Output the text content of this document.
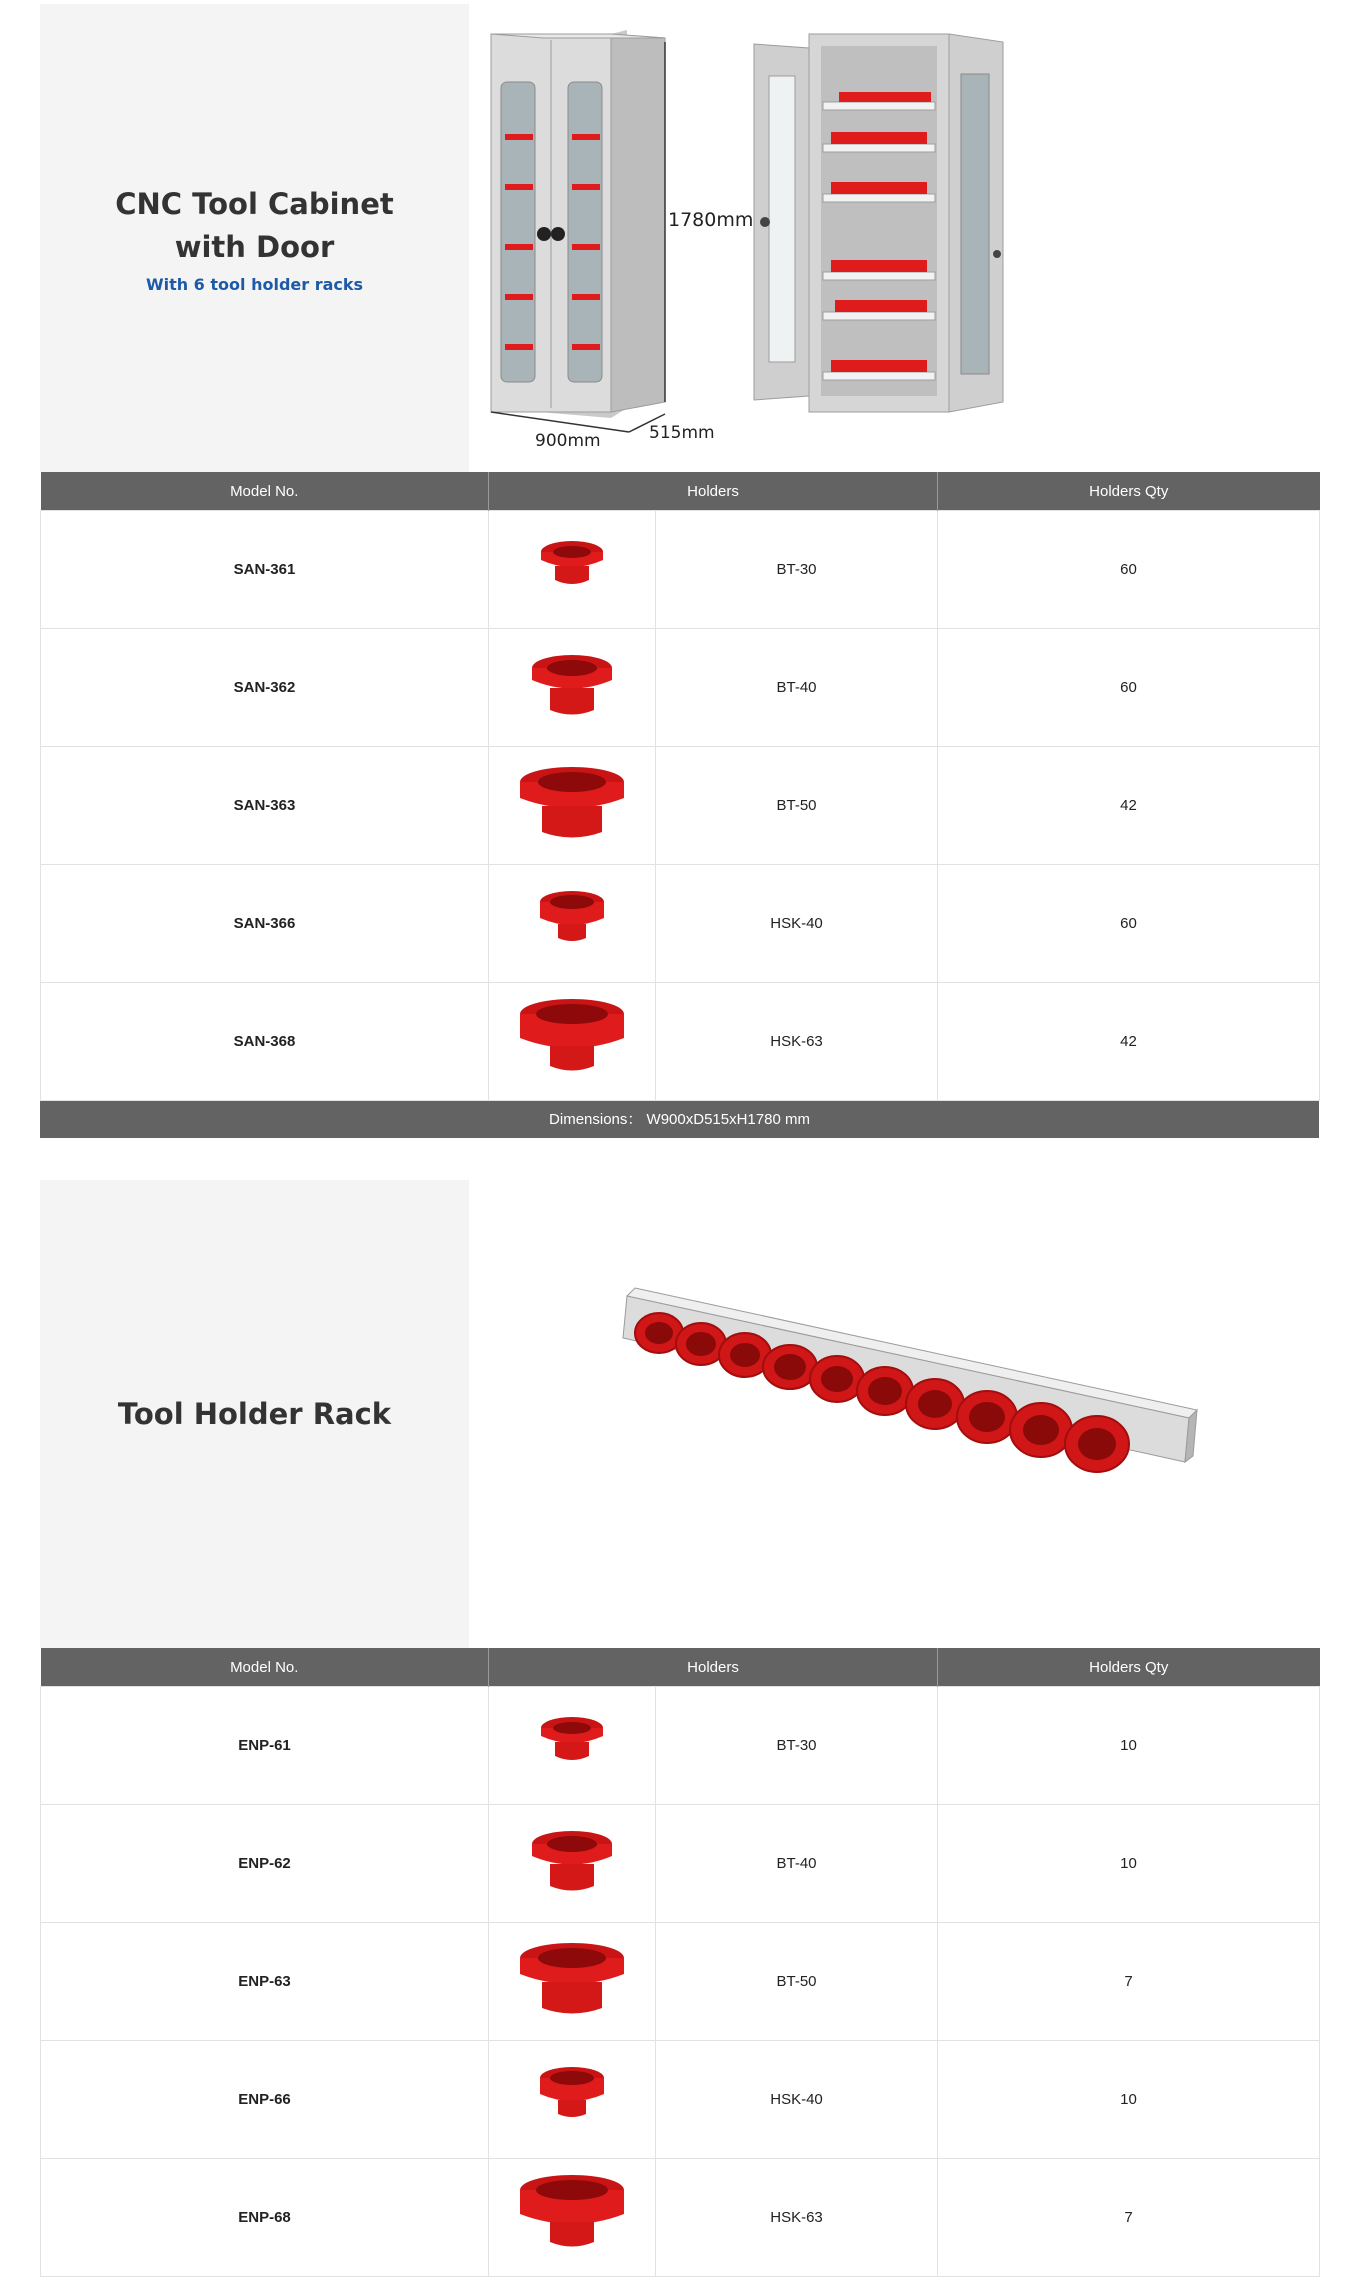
CNC Tool Cabinet
with Door
With 6 tool holder racks
1780mm
900mm	515mm
Model No.	Holders		Holders Qty
SAN-361		BT-30	60
SAN-362		BT-40	60
SAN-363		BT-50	42
SAN-366		HSK-40	60
SAN-368		HSK-63	42
Dimensions： W900xD515xH1780 mm
Tool Holder Rack
Model No.	Holders		Holders Qty
ENP-61		BT-30	10
ENP-62		BT-40	10
ENP-63		BT-50	7
ENP-66		HSK-40	10
ENP-68		HSK-63	7
